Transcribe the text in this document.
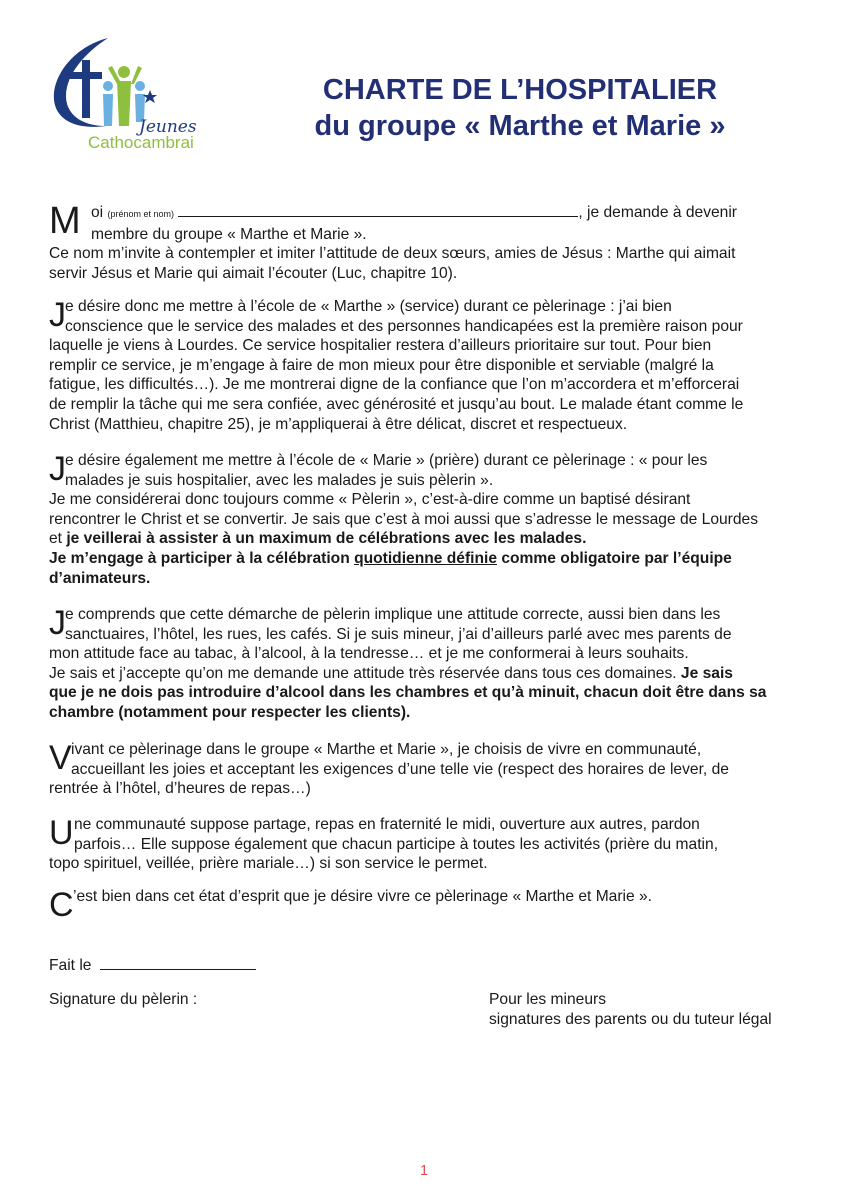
Jeunes
Cathocambrai
CHARTE DE L’HOSPITALIER
du groupe « Marthe et Marie »
M oi (prénom et nom)	, je demande à devenir
membre du groupe « Marthe et Marie ».
Ce nom m’invite à contempler et imiter l’attitude de deux sœurs, amies de Jésus : Marthe qui aimait
servir Jésus et Marie qui aimait l’écouter (Luc, chapitre 10).
J e désire donc me mettre à l’école de « Marthe » (service) durant ce pèlerinage : j’ai bien
conscience que le service des malades et des personnes handicapées est la première raison pour
laquelle je viens à Lourdes. Ce service hospitalier restera d’ailleurs prioritaire sur tout. Pour bien
remplir ce service, je m’engage à faire de mon mieux pour être disponible et serviable (malgré la
fatigue, les difficultés…). Je me montrerai digne de la confiance que l’on m’accordera et m’efforcerai
de remplir la tâche qui me sera confiée, avec générosité et jusqu’au bout. Le malade étant comme le
Christ (Matthieu, chapitre 25), je m’appliquerai à être délicat, discret et respectueux.
J e désire également me mettre à l’école de « Marie » (prière) durant ce pèlerinage : « pour les
malades je suis hospitalier, avec les malades je suis pèlerin ».
Je me considérerai donc toujours comme « Pèlerin », c’est-à-dire comme un baptisé désirant
rencontrer le Christ et se convertir. Je sais que c’est à moi aussi que s’adresse le message de Lourdes
et je veillerai à assister à un maximum de célébrations avec les malades.
Je m’engage à participer à la célébration quotidienne définie comme obligatoire par l’équipe
d’animateurs.
J e comprends que cette démarche de pèlerin implique une attitude correcte, aussi bien dans les
sanctuaires, l’hôtel, les rues, les cafés. Si je suis mineur, j’ai d’ailleurs parlé avec mes parents de
mon attitude face au tabac, à l’alcool, à la tendresse… et je me conformerai à leurs souhaits.
Je sais et j’accepte qu’on me demande une attitude très réservée dans tous ces domaines. Je sais
que je ne dois pas introduire d’alcool dans les chambres et qu’à minuit, chacun doit être dans sa
chambre (notamment pour respecter les clients).
V ivant ce pèlerinage dans le groupe « Marthe et Marie », je choisis de vivre en communauté,
accueillant les joies et acceptant les exigences d’une telle vie (respect des horaires de lever, de
rentrée à l’hôtel, d’heures de repas…)
U ne communauté suppose partage, repas en fraternité le midi, ouverture aux autres, pardon
parfois… Elle suppose également que chacun participe à toutes les activités (prière du matin,
topo spirituel, veillée, prière mariale…) si son service le permet.
C ’est bien dans cet état d’esprit que je désire vivre ce pèlerinage « Marthe et Marie ».
Fait le
Signature du pèlerin :	Pour les mineurs
signatures des parents ou du tuteur légal
1
